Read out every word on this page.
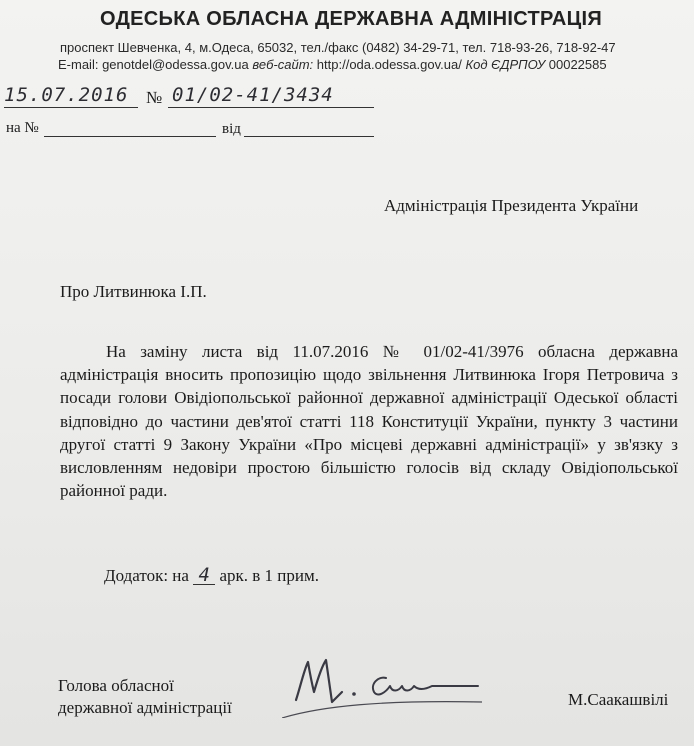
ОДЕСЬКА ОБЛАСНА ДЕРЖАВНА АДМІНІСТРАЦІЯ
проспект Шевченка, 4, м.Одеса, 65032, тел./факс (0482) 34-29-71, тел. 718-93-26, 718-92-47
E-mail: genotdel@odessa.gov.ua веб-сайт: http://oda.odessa.gov.ua/ Код ЄДРПОУ 00022585
15.07.2016 № 01/02-41/3434
на №	від
Адміністрація Президента України
Про Литвинюка І.П.
На заміну листа від 11.07.2016 № 01/02-41/3976 обласна державна адміністрація вносить пропозицію щодо звільнення Литвинюка Ігоря Петровича з посади голови Овідіопольської районної державної адміністрації Одеської області відповідно до частини дев'ятої статті 118 Конституції України, пункту 3 частини другої статті 9 Закону України «Про місцеві державні адміністрації» у зв'язку з висловленням недовіри простою більшістю голосів від складу Овідіопольської районної ради.
Додаток: на 4 арк. в 1 прим.
Голова обласної
державної адміністрації	М.Саакашвілі
